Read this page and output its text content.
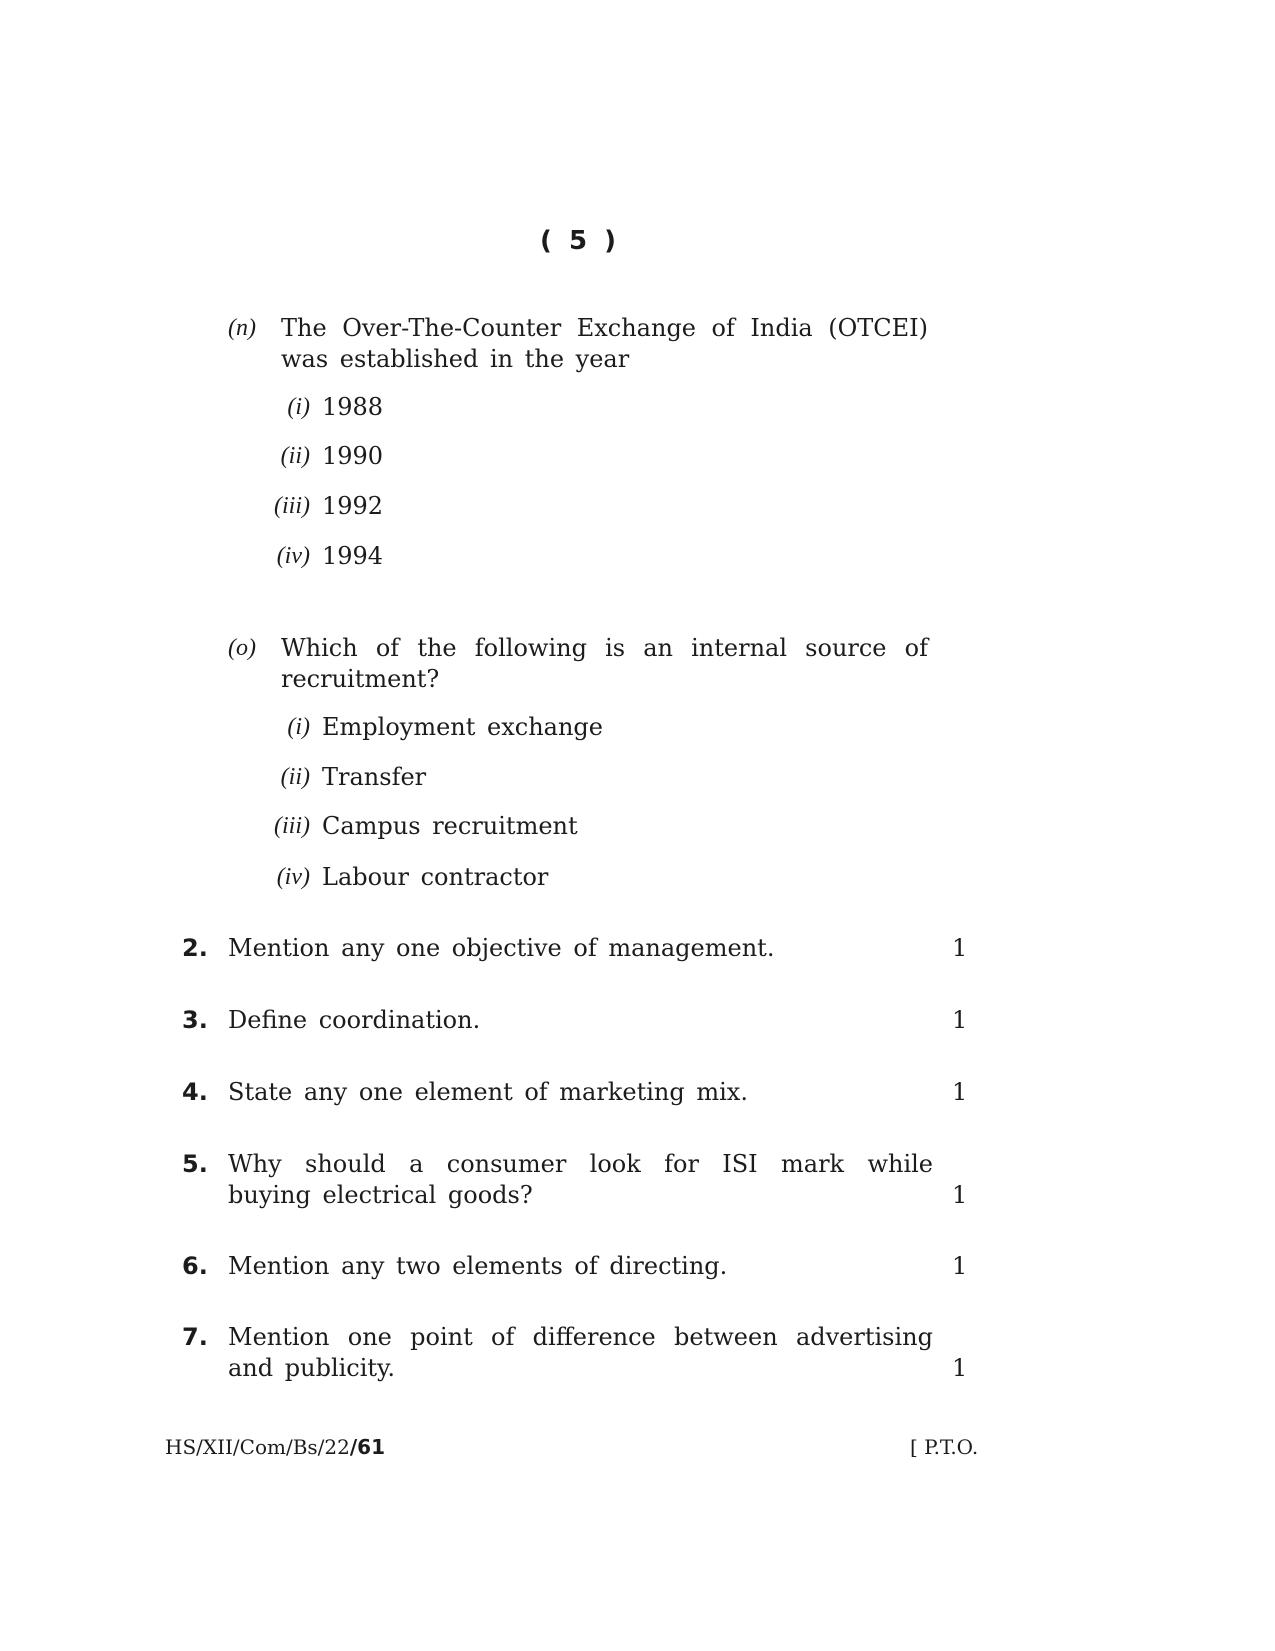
( 5 )
(n) The Over-The-Counter Exchange of India (OTCEI) was established in the year
(i) 1988
(ii) 1990
(iii) 1992
(iv) 1994
(o) Which of the following is an internal source of recruitment?
(i) Employment exchange
(ii) Transfer
(iii) Campus recruitment
(iv) Labour contractor
2. Mention any one objective of management.	1
3. Define coordination.	1
4. State any one element of marketing mix.	1
5. Why should a consumer look for ISI mark while buying electrical goods?	1
6. Mention any two elements of directing.	1
7. Mention one point of difference between advertising and publicity.	1
HS/XII/Com/Bs/22/61	[ P.T.O.
